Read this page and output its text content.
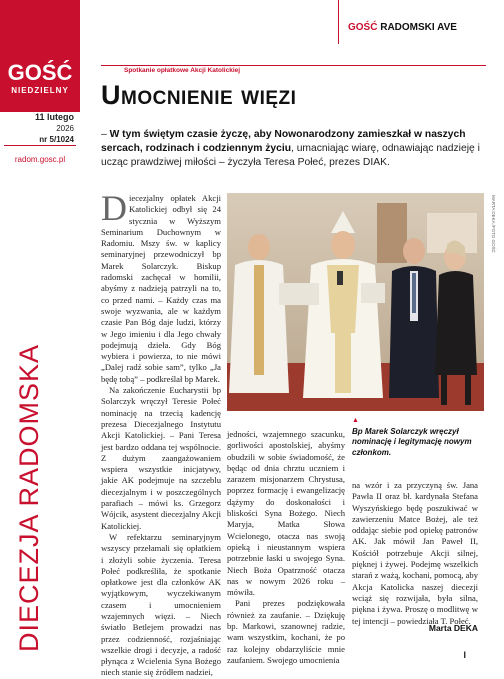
GOŚĆ
NIEDZIELNY
11 lutego
2026
nr 5/1024
radom.gosc.pl
DIECEZJA RADOMSKA
GOŚĆ RADOMSKI AVE
Spotkanie opłatkowe Akcji Katolickiej
Umocnienie więzi
– W tym świętym czasie życzę, aby Nowonarodzony zamieszkał w naszych sercach, rodzinach i codziennym życiu, umacniając wiarę, odnawiając nadzieję i ucząc prawdziwej miłości – życzyła Teresa Połeć, prezes DIAK.

Diecezjalny opłatek Akcji Katolickiej odbył się 24 stycznia w Wyższym Seminarium Duchownym w Radomiu. Mszy św. w kaplicy seminaryjnej przewodniczył bp Marek Solarczyk. Biskup radomski zachęcał w homilii, abyśmy z nadzieją patrzyli na to, co przed nami. – Każdy czas ma swoje wyzwania, ale w każdym czasie Pan Bóg daje ludzi, którzy w Jego imieniu i dla Jego chwały podejmują dzieła. Gdy Bóg wybiera i powierza, to nie mówi „Dalej radź sobie sam”, tylko „Ja będę tobą” – podkreślał bp Marek.

Na zakończenie Eucharystii bp Solarczyk wręczył Teresie Połeć nominację na trzecią kadencję prezesa Diecezjalnego Instytutu Akcji Katolickiej. – Pani Teresa jest bardzo oddana tej wspólnocie. Z dużym zaangażowaniem wspiera wszystkie inicjatywy, jakie AK podejmuje na szczeblu diecezjalnym i w poszczególnych parafiach – mówi ks. Grzegorz Wójcik, asystent diecezjalny Akcji Katolickiej.

W refektarzu seminaryjnym wszyscy przełamali się opłatkiem i złożyli sobie życzenia. Teresa Połeć podkreśliła, że spotkanie opłatkowe jest dla członków AK wyjątkowym, wyczekiwanym czasem i umocnieniem wzajemnych więzi. – Niech światło Betlejem prowadzi nas przez codzienność, rozjaśniając wszelkie drogi i decyzje, a radość płynąca z Wcielenia Syna Bożego niech stanie się źródłem nadziei,

MARTA DEKA /FOTO GOŚĆ

jedności, wzajemnego szacunku, gorliwości apostolskiej, abyśmy obudzili w sobie świadomość, że będąc od dnia chrztu uczniem i zarazem misjonarzem Chrystusa, poprzez formację i ewangelizację dążymy do doskonałości i bliskości Syna Bożego. Niech Maryja, Matka Słowa Wcielonego, otacza nas swoją opieką i nieustannym wspiera potrzebnie łaski u swojego Syna. Niech Boża Opatrzność otacza nas w nowym 2026 roku – mówiła.

Pani prezes podziękowała również za zaufanie. – Dziękuję bp. Markowi, szanownej radzie, wam wszystkim, kochani, że po raz kolejny obdarzyliście mnie zaufaniem. Swojego umocnienia

▲
Bp Marek Solarczyk wręczył nominację i legitymację nowym członkom.

na wzór i za przyczyną św. Jana Pawła II oraz bł. kardynała Stefana Wyszyńskiego będę poszukiwać w zawierzeniu Matce Bożej, ale też oddając siebie pod opiekę patronów AK. Jak mówił Jan Paweł II, Kościół potrzebuje Akcji silnej, pięknej i żywej. Podejmę wszelkich starań z ważą, kochani, pomocą, aby Akcja Katolicka naszej diecezji wciąż się rozwijała, była silna, piękna i żywa. Proszę o modlitwę w tej intencji – powiedziała T. Połeć.

Marta DEKA
I
